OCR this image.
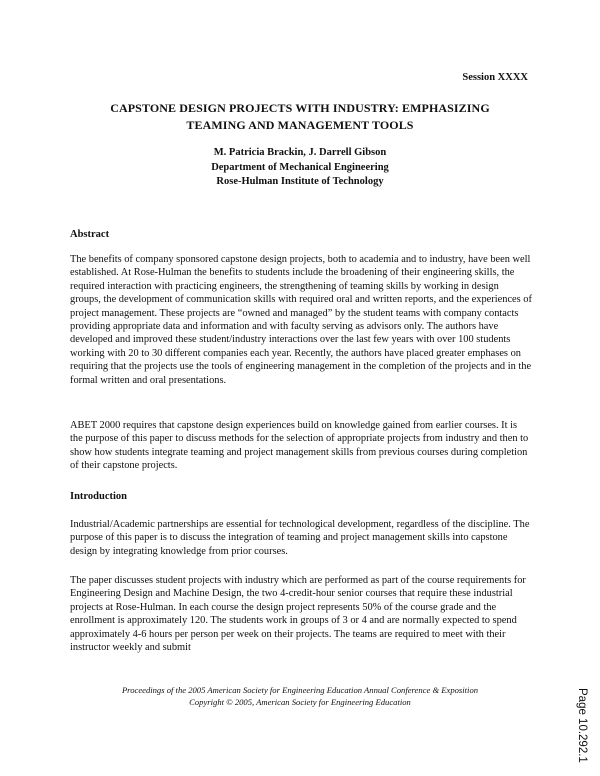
Session XXXX
CAPSTONE DESIGN PROJECTS WITH INDUSTRY: EMPHASIZING
TEAMING AND MANAGEMENT TOOLS
M. Patricia Brackin, J. Darrell Gibson
Department of Mechanical Engineering
Rose-Hulman Institute of Technology
Abstract

The benefits of company sponsored capstone design projects, both to academia and to industry, have been well established. At Rose-Hulman the benefits to students include the broadening of their engineering skills, the required interaction with practicing engineers, the strengthening of teaming skills by working in design groups, the development of communication skills with required oral and written reports, and the experiences of project management. These projects are “owned and managed” by the student teams with company contacts providing appropriate data and information and with faculty serving as advisors only. The authors have developed and improved these student/industry interactions over the last few years with over 100 students working with 20 to 30 different companies each year. Recently, the authors have placed greater emphases on requiring that the projects use the tools of engineering management in the completion of the projects and in the formal written and oral presentations.

ABET 2000 requires that capstone design experiences build on knowledge gained from earlier courses. It is the purpose of this paper to discuss methods for the selection of appropriate projects from industry and then to show how students integrate teaming and project management skills from previous courses during completion of their capstone projects.

Introduction

Industrial/Academic partnerships are essential for technological development, regardless of the discipline. The purpose of this paper is to discuss the integration of teaming and project management skills into capstone design by integrating knowledge from prior courses.

The paper discusses student projects with industry which are performed as part of the course requirements for Engineering Design and Machine Design, the two 4-credit-hour senior courses that require these industrial projects at Rose-Hulman. In each course the design project represents 50% of the course grade and the enrollment is approximately 120. The students work in groups of 3 or 4 and are normally expected to spend approximately 4-6 hours per person per week on their projects. The teams are required to meet with their instructor weekly and submit

Proceedings of the 2005 American Society for Engineering Education Annual Conference & Exposition
Copyright © 2005, American Society for Engineering Education	Page 10.292.1
